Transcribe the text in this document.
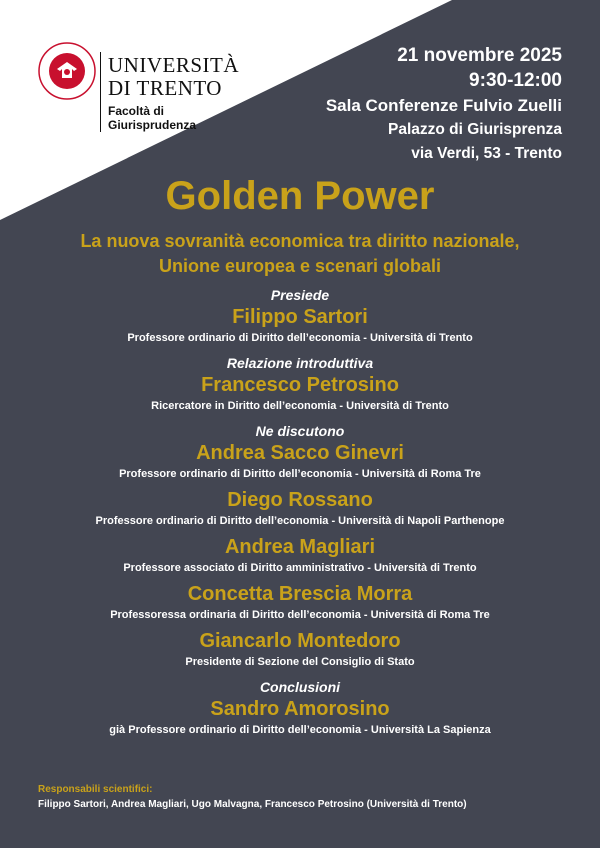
UNIVERSITÀ
DI TRENTO
Facoltà di
Giurisprudenza
21 novembre 2025
9:30-12:00
Sala Conferenze Fulvio Zuelli
Palazzo di Giurisprenza
via Verdi, 53 - Trento
Golden Power
La nuova sovranità economica tra diritto nazionale,
Unione europea e scenari globali
Presiede
Filippo Sartori
Professore ordinario di Diritto dell’economia - Università di Trento
Relazione introduttiva
Francesco Petrosino
Ricercatore in Diritto dell’economia - Università di Trento
Ne discutono
Andrea Sacco Ginevri
Professore ordinario di Diritto dell’economia - Università di Roma Tre
Diego Rossano
Professore ordinario di Diritto dell’economia - Università di Napoli Parthenope
Andrea Magliari
Professore associato di Diritto amministrativo - Università di Trento
Concetta Brescia Morra
Professoressa ordinaria di Diritto dell’economia - Università di Roma Tre
Giancarlo Montedoro
Presidente di Sezione del Consiglio di Stato
Conclusioni
Sandro Amorosino
già Professore ordinario di Diritto dell’economia - Università La Sapienza
Responsabili scientifici:
Filippo Sartori, Andrea Magliari, Ugo Malvagna, Francesco Petrosino (Università di Trento)
